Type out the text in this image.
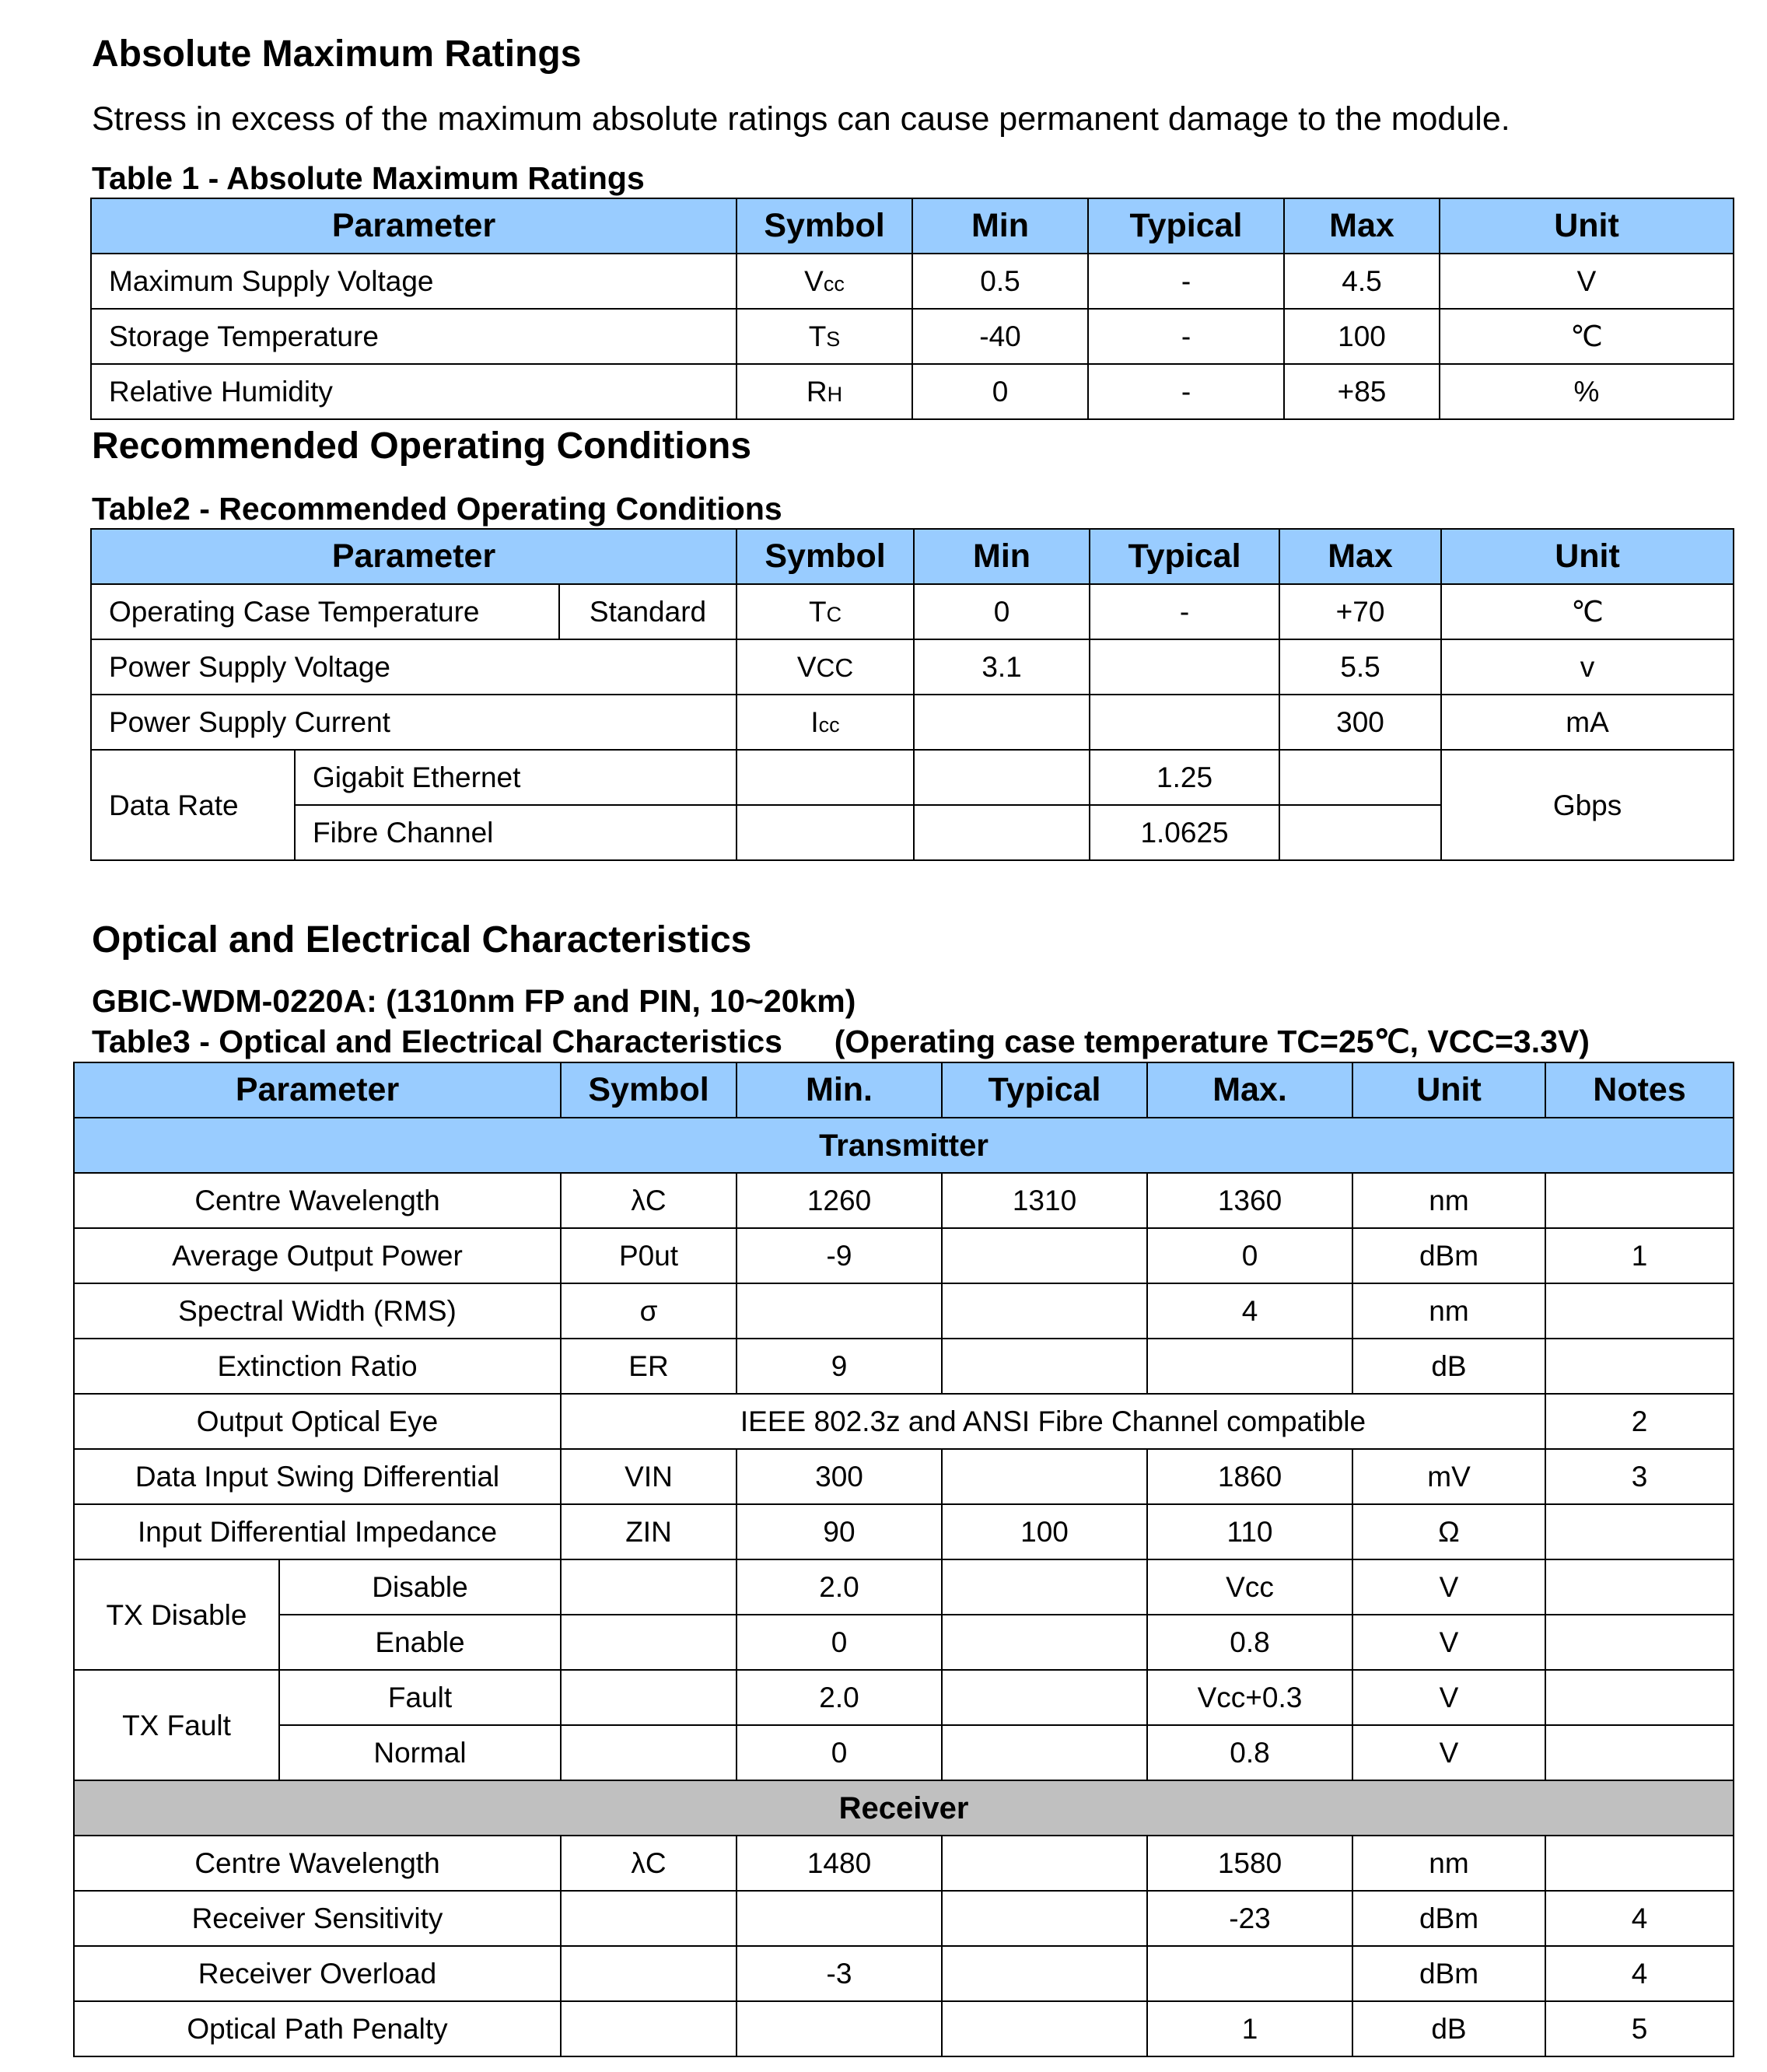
Absolute Maximum Ratings
Stress in excess of the maximum absolute ratings can cause permanent damage to the module.
Table 1 - Absolute Maximum Ratings
Parameter	Symbol	Min	Typical	Max	Unit
Maximum Supply Voltage	Vcc	0.5	-	4.5	V
Storage Temperature	TS	-40	-	100	℃
Relative Humidity	RH	0	-	+85	%
Recommended Operating Conditions
Table2 - Recommended Operating Conditions
Parameter			Symbol	Min	Typical	Max	Unit
Operating Case Temperature		Standard	TC	0	-	+70	℃
Power Supply Voltage			VCC	3.1		5.5	v
Power Supply Current			Icc			300	mA
Data Rate	Gigabit Ethernet				1.25		Gbps
	Fibre Channel				1.0625		
Optical and Electrical Characteristics
GBIC-WDM-0220A: (1310nm FP and PIN, 10~20km)
Table3 - Optical and Electrical Characteristics (Operating case temperature TC=25℃, VCC=3.3V)
Parameter		Symbol	Min.	Typical	Max.	Unit	Notes
Transmitter							
Centre Wavelength		λC	1260	1310	1360	nm	
Average Output Power		P0ut	-9		0	dBm	1
Spectral Width (RMS)		σ			4	nm	
Extinction Ratio		ER	9			dB	
Output Optical Eye		IEEE 802.3z and ANSI Fibre Channel compatible					2
Data Input Swing Differential		VIN	300		1860	mV	3
Input Differential Impedance		ZIN	90	100	110	Ω	
TX Disable	Disable		2.0		Vcc	V	
	Enable		0		0.8	V	
TX Fault	Fault		2.0		Vcc+0.3	V	
	Normal		0		0.8	V	
Receiver							
Centre Wavelength		λC	1480		1580	nm	
Receiver Sensitivity					-23	dBm	4
Receiver Overload			-3			dBm	4
Optical Path Penalty					1	dB	5
